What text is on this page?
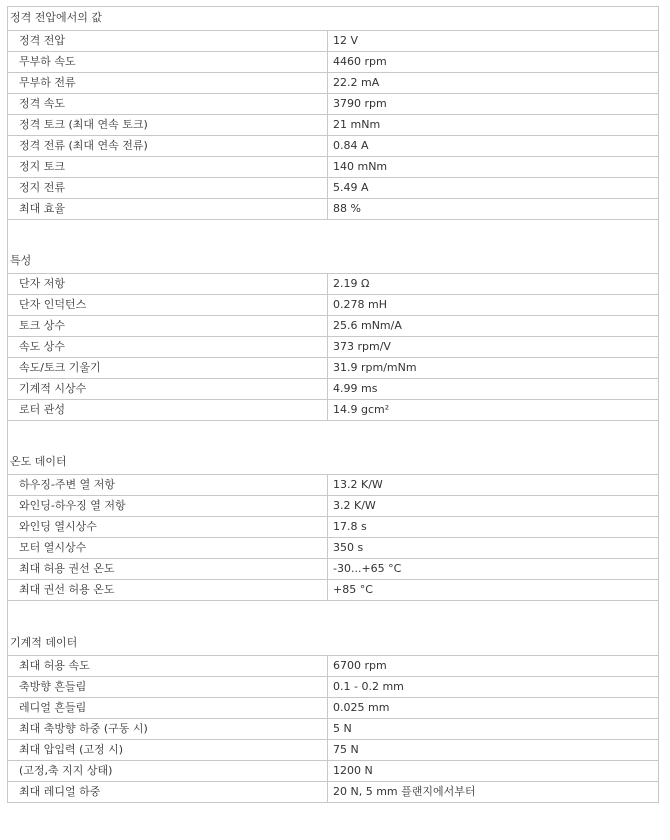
정격 전압에서의 값
정격 전압	12 V
무부하 속도	4460 rpm
무부하 전류	22.2 mA
정격 속도	3790 rpm
정격 토크 (최대 연속 토크)	21 mNm
정격 전류 (최대 연속 전류)	0.84 A
정지 토크	140 mNm
정지 전류	5.49 A
최대 효율	88 %
특성
단자 저항	2.19 Ω
단자 인덕턴스	0.278 mH
토크 상수	25.6 mNm/A
속도 상수	373 rpm/V
속도/토크 기울기	31.9 rpm/mNm
기계적 시상수	4.99 ms
로터 관성	14.9 gcm²
온도 데이터
하우징-주변 열 저항	13.2 K/W
와인딩-하우징 열 저항	3.2 K/W
와인딩 열시상수	17.8 s
모터 열시상수	350 s
최대 허용 권선 온도	-30...+65 °C
최대 권선 허용 온도	+85 °C
기계적 데이터
최대 허용 속도	6700 rpm
축방향 흔들림	0.1 - 0.2 mm
레디얼 흔들림	0.025 mm
최대 축방향 하중 (구동 시)	5 N
최대 압입력 (고정 시)	75 N
(고정,축 지지 상태)	1200 N
최대 레디얼 하중	20 N, 5 mm 플랜지에서부터
